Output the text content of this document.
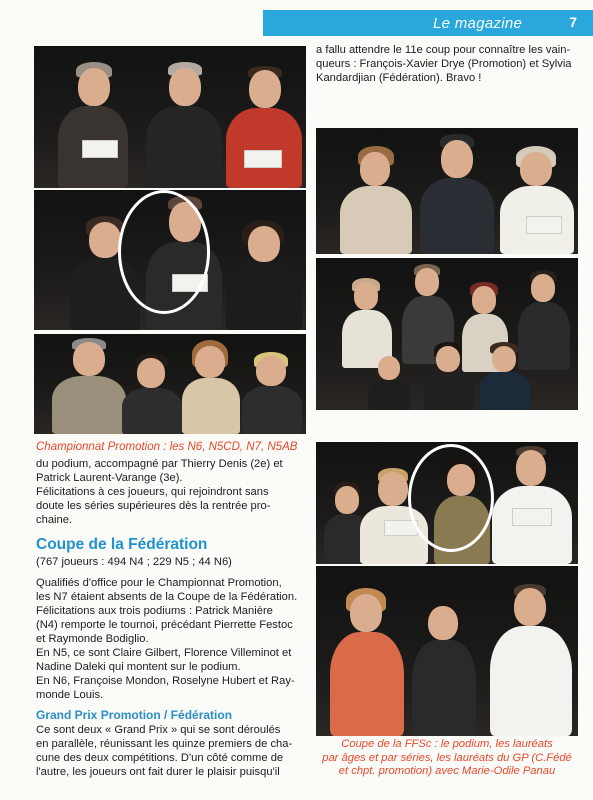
Le magazine	7
Championnat Promotion : les N6, N5CD, N7, N5AB

du podium, accompagné par Thierry Denis (2e) et

Patrick Laurent-Varange (3e).

Félicitations à ces joueurs, qui rejoindront sans

doute les séries supérieures dès la rentrée pro-

chaine.

Coupe de la Fédération

(767 joueurs : 494 N4 ; 229 N5 ; 44 N6)

Qualifiés d'office pour le Championnat Promotion,

les N7 étaient absents de la Coupe de la Fédération.

Félicitations aux trois podiums : Patrick Manière

(N4) remporte le tournoi, précédant Pierrette Festoc

et Raymonde Bodiglio.

En N5, ce sont Claire Gilbert, Florence Villeminot et

Nadine Daleki qui montent sur le podium.

En N6, Françoise Mondon, Roselyne Hubert et Ray-

monde Louis.

Grand Prix Promotion / Fédération

Ce sont deux « Grand Prix » qui se sont déroulés

en parallèle, réunissant les quinze premiers de cha-

cune des deux compétitions. D'un côté comme de

l'autre, les joueurs ont fait durer le plaisir puisqu'il

a fallu attendre le 11e coup pour connaître les vain-

queurs : François-Xavier Drye (Promotion) et Sylvia

Kandardjian (Fédération). Bravo !

Coupe de la FFSc : le podium, les lauréats
par âges et par séries, les lauréats du GP (C.Fédé
et chpt. promotion) avec Marie-Odile Panau
